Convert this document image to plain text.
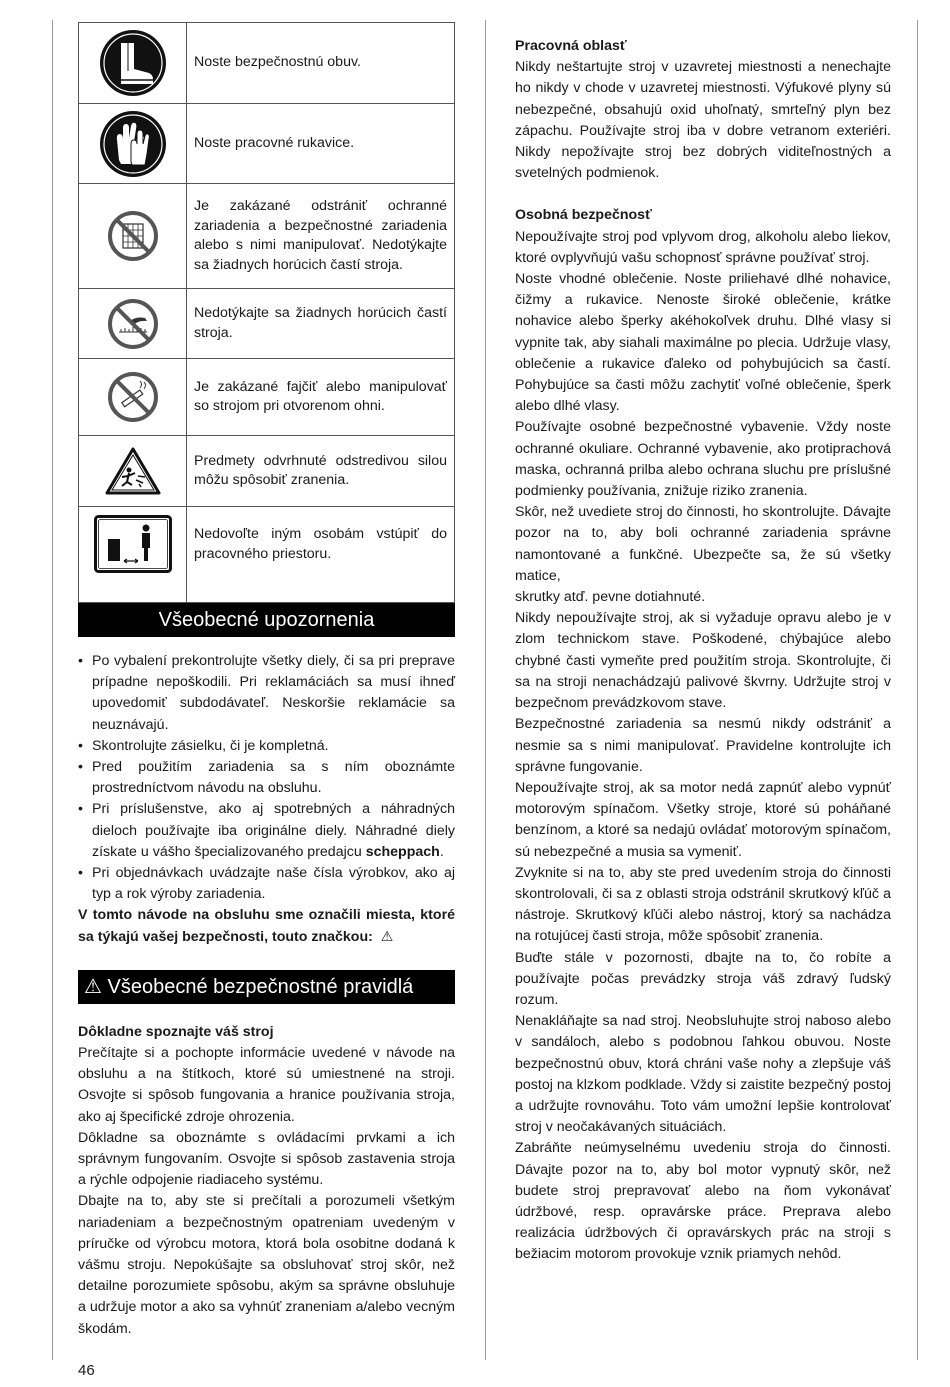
	Noste bezpečnostnú obuv.

	Noste pracovné rukavice.

	Je zakázané odstrániť ochranné zariadenia a bezpečnostné zariadenia alebo s nimi manipulovať. Nedotýkajte sa žiadnych horúcich častí stroja.

	Nedotýkajte sa žiadnych horúcich častí stroja.

	Je zakázané fajčiť alebo manipulovať so strojom pri otvorenom ohni.

	Predmety odvrhnuté odstredivou silou môžu spôsobiť zranenia.

	Nedovoľte iným osobám vstúpiť do pracovného priestoru.
Všeobecné upozornenia
• Po vybalení prekontrolujte všetky diely, či sa pri preprave prípadne nepoškodili. Pri reklamáciách sa musí ihneď upovedomiť subdodávateľ. Neskoršie reklamácie sa neuznávajú.
• Skontrolujte zásielku, či je kompletná.
• Pred použitím zariadenia sa s ním oboznámte prostredníctvom návodu na obsluhu.
• Pri príslušenstve, ako aj spotrebných a náhradných dieloch používajte iba originálne diely. Náhradné diely získate u vášho špecializovaného predajcu scheppach.
• Pri objednávkach uvádzajte naše čísla výrobkov, ako aj typ a rok výroby zariadenia.

V tomto návode na obsluhu sme označili miesta, ktoré sa týkajú vašej bezpečnosti, touto značkou: ⚠

⚠ Všeobecné bezpečnostné pravidlá

Dôkladne spoznajte váš stroj

Prečítajte si a pochopte informácie uvedené v návode na obsluhu a na štítkoch, ktoré sú umiestnené na stroji. Osvojte si spôsob fungovania a hranice používania stroja, ako aj špecifické zdroje ohrozenia.

Dôkladne sa oboznámte s ovládacími prvkami a ich správnym fungovaním. Osvojte si spôsob zastavenia stroja a rýchle odpojenie riadiaceho systému.

Dbajte na to, aby ste si prečítali a porozumeli všetkým nariadeniam a bezpečnostným opatreniam uvedeným v príručke od výrobcu motora, ktorá bola osobitne dodaná k vášmu stroju. Nepokúšajte sa obsluhovať stroj skôr, než detailne porozumiete spôsobu, akým sa správne obsluhuje a udržuje motor a ako sa vyhnúť zraneniam a/alebo vecným škodám.

Pracovná oblasť

Nikdy neštartujte stroj v uzavretej miestnosti a nenechajte ho nikdy v chode v uzavretej miestnosti. Výfukové plyny sú nebezpečné, obsahujú oxid uhoľnatý, smrteľný plyn bez zápachu. Používajte stroj iba v dobre vetranom exteriéri. Nikdy nepožívajte stroj bez dobrých viditeľnostných a svetelných podmienok.

Osobná bezpečnosť

Nepoužívajte stroj pod vplyvom drog, alkoholu alebo liekov, ktoré ovplyvňujú vašu schopnosť správne používať stroj.

Noste vhodné oblečenie. Noste priliehavé dlhé nohavice, čižmy a rukavice. Nenoste široké oblečenie, krátke nohavice alebo šperky akéhokoľvek druhu. Dlhé vlasy si vypnite tak, aby siahali maximálne po plecia. Udržuje vlasy, oblečenie a rukavice ďaleko od pohybujúcich sa častí. Pohybujúce sa časti môžu zachytiť voľné oblečenie, šperk alebo dlhé vlasy.

Používajte osobné bezpečnostné vybavenie. Vždy noste ochranné okuliare. Ochranné vybavenie, ako protiprachová maska, ochranná prilba alebo ochrana sluchu pre príslušné podmienky používania, znižuje riziko zranenia.

Skôr, než uvediete stroj do činnosti, ho skontrolujte. Dávajte pozor na to, aby boli ochranné zariadenia správne namontované a funkčné. Ubezpečte sa, že sú všetky matice,

skrutky atď. pevne dotiahnuté.

Nikdy nepoužívajte stroj, ak si vyžaduje opravu alebo je v zlom technickom stave. Poškodené, chýbajúce alebo chybné časti vymeňte pred použitím stroja. Skontrolujte, či sa na stroji nenachádzajú palivové škvrny. Udržujte stroj v bezpečnom prevádzkovom stave.

Bezpečnostné zariadenia sa nesmú nikdy odstrániť a nesmie sa s nimi manipulovať. Pravidelne kontrolujte ich správne fungovanie.

Nepoužívajte stroj, ak sa motor nedá zapnúť alebo vypnúť motorovým spínačom. Všetky stroje, ktoré sú poháňané benzínom, a ktoré sa nedajú ovládať motorovým spínačom, sú nebezpečné a musia sa vymeniť.

Zvyknite si na to, aby ste pred uvedením stroja do činnosti skontrolovali, či sa z oblasti stroja odstránil skrutkový kľúč a nástroje. Skrutkový kľúči alebo nástroj, ktorý sa nachádza na rotujúcej časti stroja, môže spôsobiť zranenia.

Buďte stále v pozornosti, dbajte na to, čo robíte a používajte počas prevádzky stroja váš zdravý ľudský rozum.

Nenakláňajte sa nad stroj. Neobsluhujte stroj naboso alebo v sandáloch, alebo s podobnou ľahkou obuvou. Noste bezpečnostnú obuv, ktorá chráni vaše nohy a zlepšuje váš postoj na klzkom podklade. Vždy si zaistite bezpečný postoj a udržujte rovnováhu. Toto vám umožní lepšie kontrolovať stroj v neočakávaných situáciách.

Zabráňte neúmyselnému uvedeniu stroja do činnosti. Dávajte pozor na to, aby bol motor vypnutý skôr, než budete stroj prepravovať alebo na ňom vykonávať údržbové, resp. opravárske práce. Preprava alebo realizácia údržbových či opravárskych prác na stroji s bežiacim motorom provokuje vznik priamych nehôd.

46
